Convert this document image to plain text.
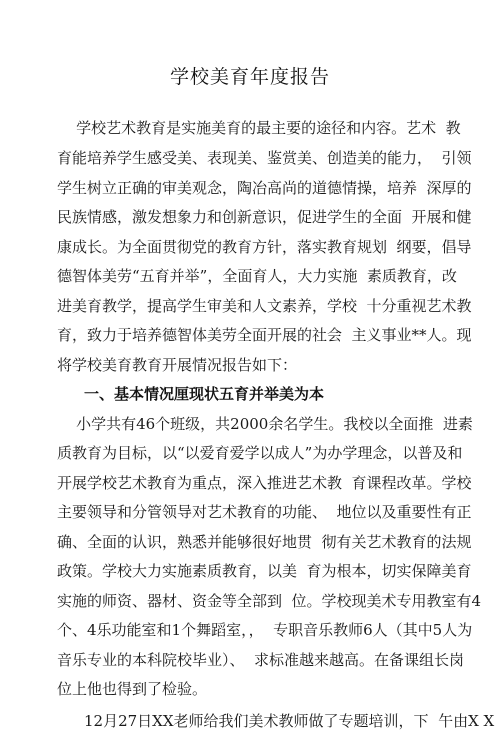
学校美育年度报告
学校艺术教育是实施美育的最主要的途径和内容。艺术  教
育能培养学生感受美、表现美、鉴赏美、创造美的能力，  引领
学生树立正确的审美观念，陶冶高尚的道德情操，培养  深厚的
民族情感，激发想象力和创新意识，促进学生的全面  开展和健
康成长。为全面贯彻党的教育方针，落实教育规划  纲要，倡导
德智体美劳“五育并举”，全面育人，大力实施  素质教育，改
进美育教学，提高学生审美和人文素养，学校  十分重视艺术教
育，致力于培养德智体美劳全面开展的社会  主义事业**人。现
将学校美育教育开展情况报告如下：
一、基本情况厘现状五育并举美为本
小学共有46个班级，共2000余名学生。我校以全面推  进素
质教育为目标，以“以爱育爱学以成人”为办学理念，以普及和
开展学校艺术教育为重点，深入推进艺术教  育课程改革。学校
主要领导和分管领导对艺术教育的功能、  地位以及重要性有正
确、全面的认识，熟悉并能够很好地贯  彻有关艺术教育的法规
政策。学校大力实施素质教育，以美  育为根本，切实保障美育
实施的师资、器材、资金等全部到  位。学校现美术专用教室有4
个、4乐功能室和1个舞蹈室，，  专职音乐教师6人（其中5人为
音乐专业的本科院校毕业）、  求标准越来越高。在备课组长岗
位上他也得到了检验。
12月27日XX老师给我们美术教师做了专题培训，下  午由X X
